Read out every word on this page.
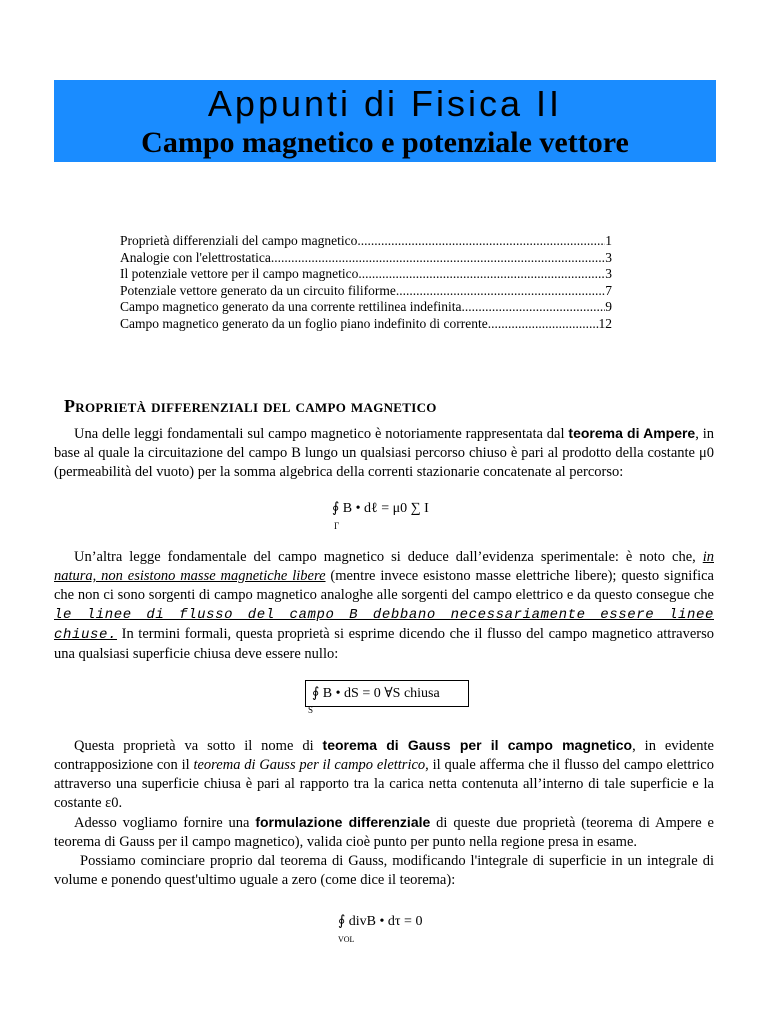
Appunti di Fisica II
Campo magnetico e potenziale vettore
Proprietà differenziali del campo magnetico .....	1
Analogie con l'elettrostatica .....	3
Il potenziale vettore per il campo magnetico .....	3
Potenziale vettore generato da un circuito filiforme .....	7
Campo magnetico generato da una corrente rettilinea indefinita .....	9
Campo magnetico generato da un foglio piano indefinito di corrente .....	12
Proprietà differenziali del campo magnetico

Una delle leggi fondamentali sul campo magnetico è notoriamente rappresentata dal teorema di Ampere, in base al quale la circuitazione del campo B lungo un qualsiasi percorso chiuso è pari al prodotto della costante μ0 (permeabilità del vuoto) per la somma algebrica della correnti stazionarie concatenate al percorso:

∮ B • dℓ = μ0 ∑ I
Γ

Un’altra legge fondamentale del campo magnetico si deduce dall’evidenza sperimentale: è noto che, in natura, non esistono masse magnetiche libere (mentre invece esistono masse elettriche libere); questo significa che non ci sono sorgenti di campo magnetico analoghe alle sorgenti del campo elettrico e da questo consegue che le linee di flusso del campo B debbano necessariamente essere linee chiuse. In termini formali, questa proprietà si esprime dicendo che il flusso del campo magnetico attraverso una qualsiasi superficie chiusa deve essere nullo:

∮ B • dS = 0 ∀S chiusa
S

Questa proprietà va sotto il nome di teorema di Gauss per il campo magnetico, in evidente contrapposizione con il teorema di Gauss per il campo elettrico, il quale afferma che il flusso del campo elettrico attraverso una superficie chiusa è pari al rapporto tra la carica netta contenuta all’interno di tale superficie e la costante ε0.

Adesso vogliamo fornire una formulazione differenziale di queste due proprietà (teorema di Ampere e teorema di Gauss per il campo magnetico), valida cioè punto per punto nella regione presa in esame.

Possiamo cominciare proprio dal teorema di Gauss, modificando l'integrale di superficie in un integrale di volume e ponendo quest'ultimo uguale a zero (come dice il teorema):

∮ divB • dτ = 0
VOL
